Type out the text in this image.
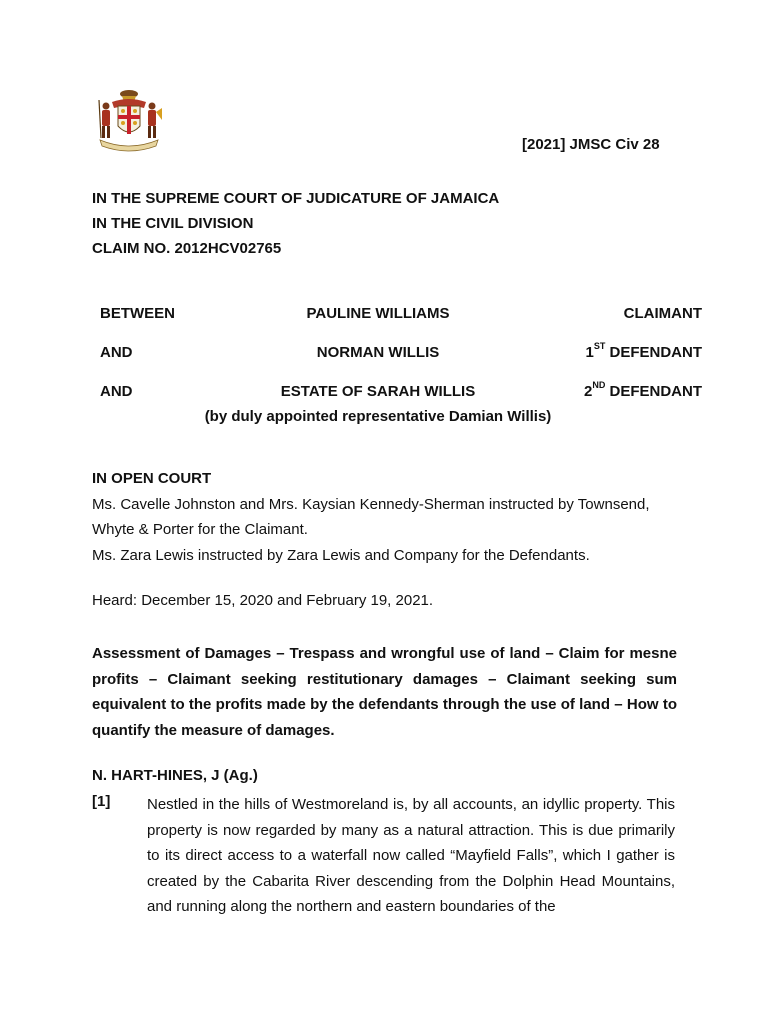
[2021] JMSC Civ 28
IN THE SUPREME COURT OF JUDICATURE OF JAMAICA
IN THE CIVIL DIVISION
CLAIM NO. 2012HCV02765
BETWEEN	PAULINE WILLIAMS	CLAIMANT
AND	NORMAN WILLIS	1ST DEFENDANT
AND	ESTATE OF SARAH WILLIS	2ND DEFENDANT
(by duly appointed representative Damian Willis)
IN OPEN COURT
Ms. Cavelle Johnston and Mrs. Kaysian Kennedy-Sherman instructed by Townsend, Whyte & Porter for the Claimant.
Ms. Zara Lewis instructed by Zara Lewis and Company for the Defendants.
Heard: December 15, 2020 and February 19, 2021.
Assessment of Damages – Trespass and wrongful use of land – Claim for mesne profits – Claimant seeking restitutionary damages – Claimant seeking sum equivalent to the profits made by the defendants through the use of land – How to quantify the measure of damages.
N. HART-HINES, J (Ag.)
[1] Nestled in the hills of Westmoreland is, by all accounts, an idyllic property. This property is now regarded by many as a natural attraction. This is due primarily to its direct access to a waterfall now called “Mayfield Falls”, which I gather is created by the Cabarita River descending from the Dolphin Head Mountains, and running along the northern and eastern boundaries of the
